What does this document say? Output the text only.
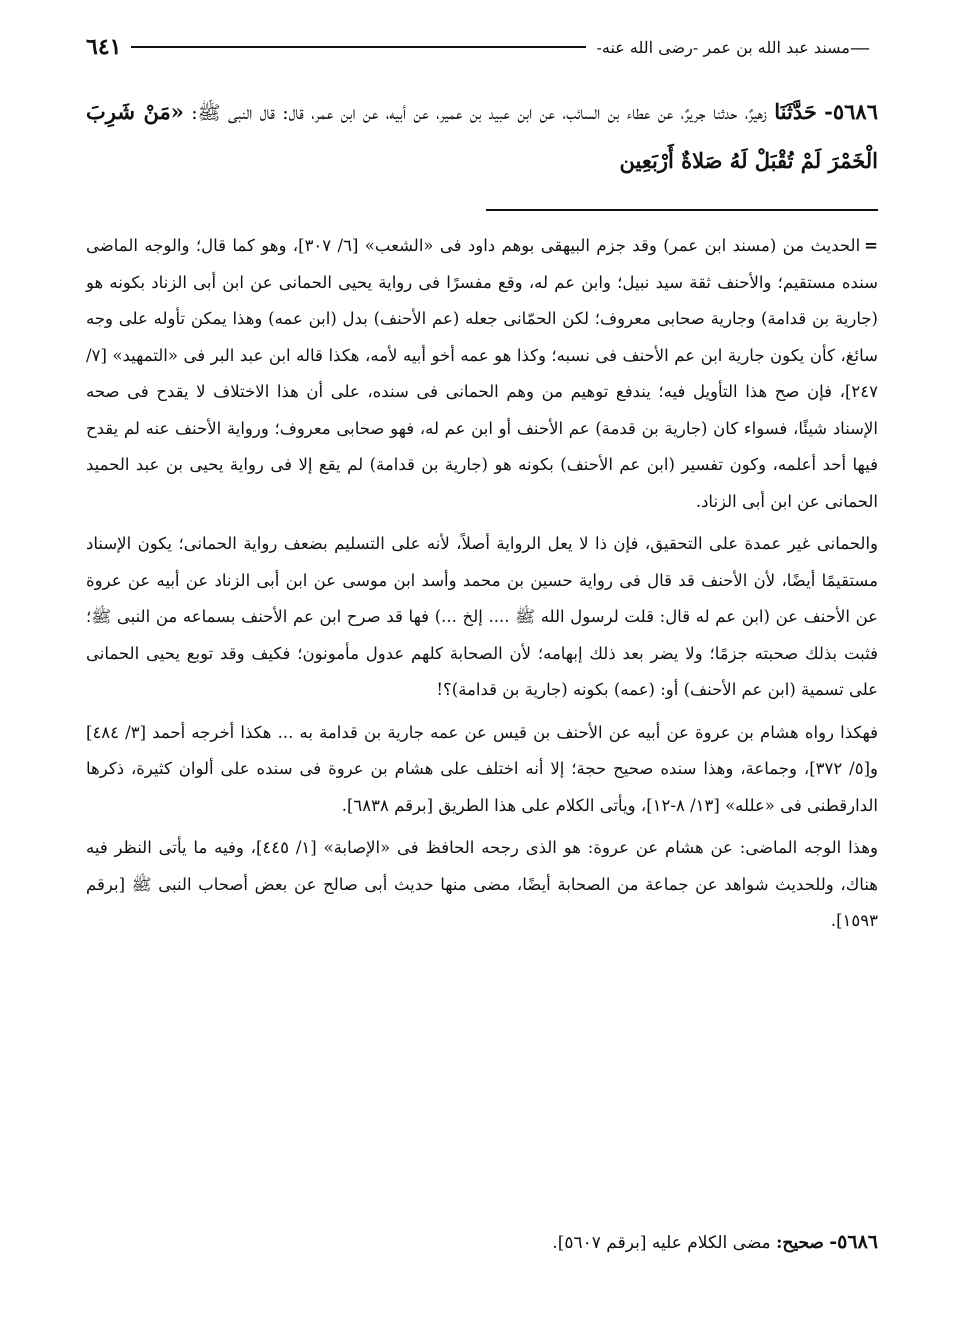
—
مسند عبد الله بن عمر -رضى الله عنه-
٦٤١
٥٦٨٦- حَدَّثَنَا زهيرٌ، حدثنا جريرٌ، عن عطاء بن السائب، عن ابن عبيد بن عمير، عن أبيه، عن ابن عمر، قال: قال النبى ﷺ: «مَنْ شَرِبَ الْخَمْرَ لَمْ تُقْبَلْ لَهُ صَلاةٌ أَرْبَعِين

=الحديث من (مسند ابن عمر) وقد جزم البيهقى بوهم داود فى «الشعب» [٦/ ٣٠٧]، وهو كما قال؛ والوجه الماضى سنده مستقيم؛ والأحنف ثقة سيد نبيل؛ وابن عم له، وقع مفسرًا فى رواية يحيى الحمانى عن ابن أبى الزناد بكونه هو (جارية بن قدامة) وجارية صحابى معروف؛ لكن الحمّانى جعله (عم الأحنف) بدل (ابن عمه) وهذا يمكن تأوله على وجه سائغ، كأن يكون جارية ابن عم الأحنف فى نسبه؛ وكذا هو عمه أخو أبيه لأمه، هكذا قاله ابن عبد البر فى «التمهيد» [٧/ ٢٤٧]، فإن صح هذا التأويل فيه؛ يندفع توهيم من وهم الحمانى فى سنده، على أن هذا الاختلاف لا يقدح فى صحه الإسناد شيئًا، فسواء كان (جارية بن قدمة) عم الأحنف أو ابن عم له، فهو صحابى معروف؛ ورواية الأحنف عنه لم يقدح فيها أحد أعلمه، وكون تفسير (ابن عم الأحنف) بكونه هو (جارية بن قدامة) لم يقع إلا فى رواية يحيى بن عبد الحميد الحمانى عن ابن أبى الزناد.

والحمانى غير عمدة على التحقيق، فإن ذا لا يعل الرواية أصلاً، لأنه على التسليم بضعف رواية الحمانى؛ يكون الإسناد مستقيمًا أيضًا، لأن الأحنف قد قال فى رواية حسين بن محمد وأسد ابن موسى عن ابن أبى الزناد عن أبيه عن عروة عن الأحنف عن (ابن عم له قال: قلت لرسول الله ﷺ .... إلخ ...) فها قد صرح ابن عم الأحنف بسماعه من النبى ﷺ؛ فثبت بذلك صحبته جزمًا؛ ولا يضر بعد ذلك إبهامه؛ لأن الصحابة كلهم عدول مأمونون؛ فكيف وقد توبع يحيى الحمانى على تسمية (ابن عم الأحنف) أو: (عمه) بكونه (جارية بن قدامة)؟!

فهكذا رواه هشام بن عروة عن أبيه عن الأحنف بن قيس عن عمه جارية بن قدامة به ... هكذا أخرجه أحمد [٣/ ٤٨٤] و[٥/ ٣٧٢]، وجماعة، وهذا سنده صحيح حجة؛ إلا أنه اختلف على هشام بن عروة فى سنده على ألوان كثيرة، ذكرها الدارقطنى فى «علله» [١٣/ ٨-١٢]، ويأتى الكلام على هذا الطريق [برقم ٦٨٣٨].

وهذا الوجه الماضى: عن هشام عن عروة: هو الذى رجحه الحافظ فى «الإصابة» [١/ ٤٤٥]، وفيه ما يأتى النظر فيه هناك، وللحديث شواهد عن جماعة من الصحابة أيضًا، مضى منها حديث أبى صالح عن بعض أصحاب النبى ﷺ [برقم ١٥٩٣].

٥٦٨٦- صحيح: مضى الكلام عليه [برقم ٥٦٠٧].
